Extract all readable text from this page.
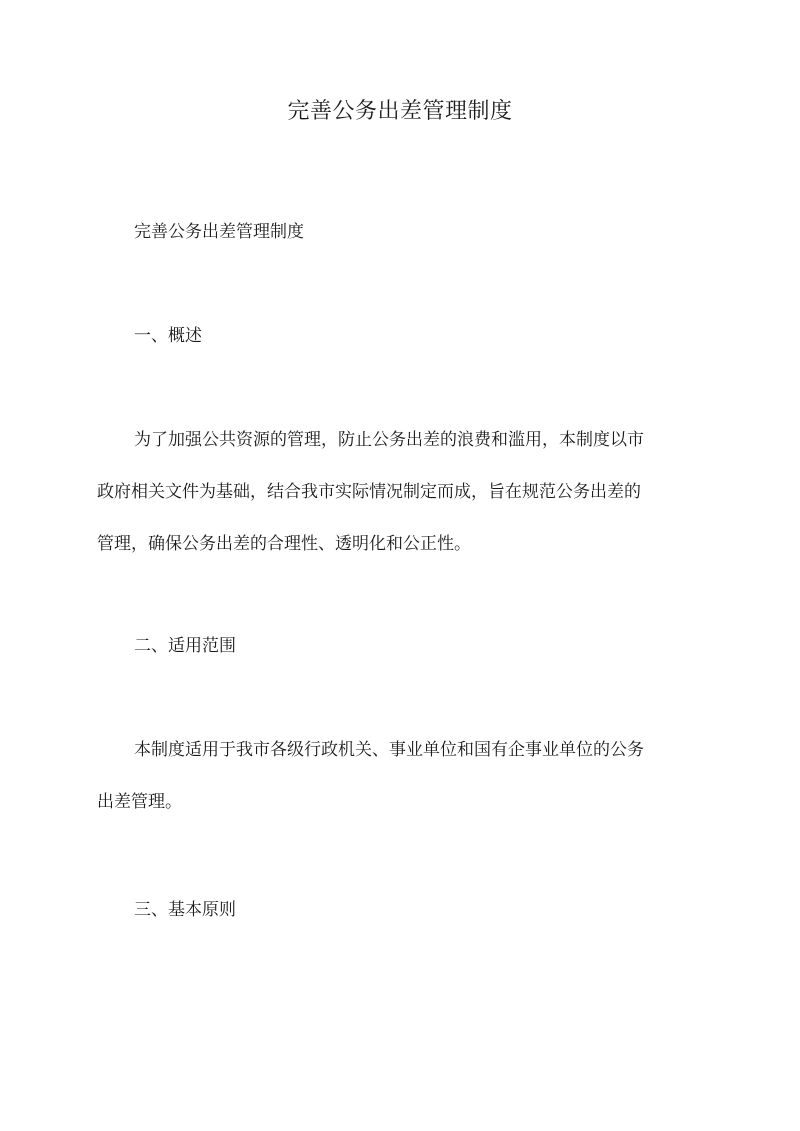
完善公务出差管理制度
完善公务出差管理制度
一、概述
为了加强公共资源的管理，防止公务出差的浪费和滥用，本制度以市
政府相关文件为基础，结合我市实际情况制定而成，旨在规范公务出差的
管理，确保公务出差的合理性、透明化和公正性。
二、适用范围
本制度适用于我市各级行政机关、事业单位和国有企事业单位的公务
出差管理。
三、基本原则
